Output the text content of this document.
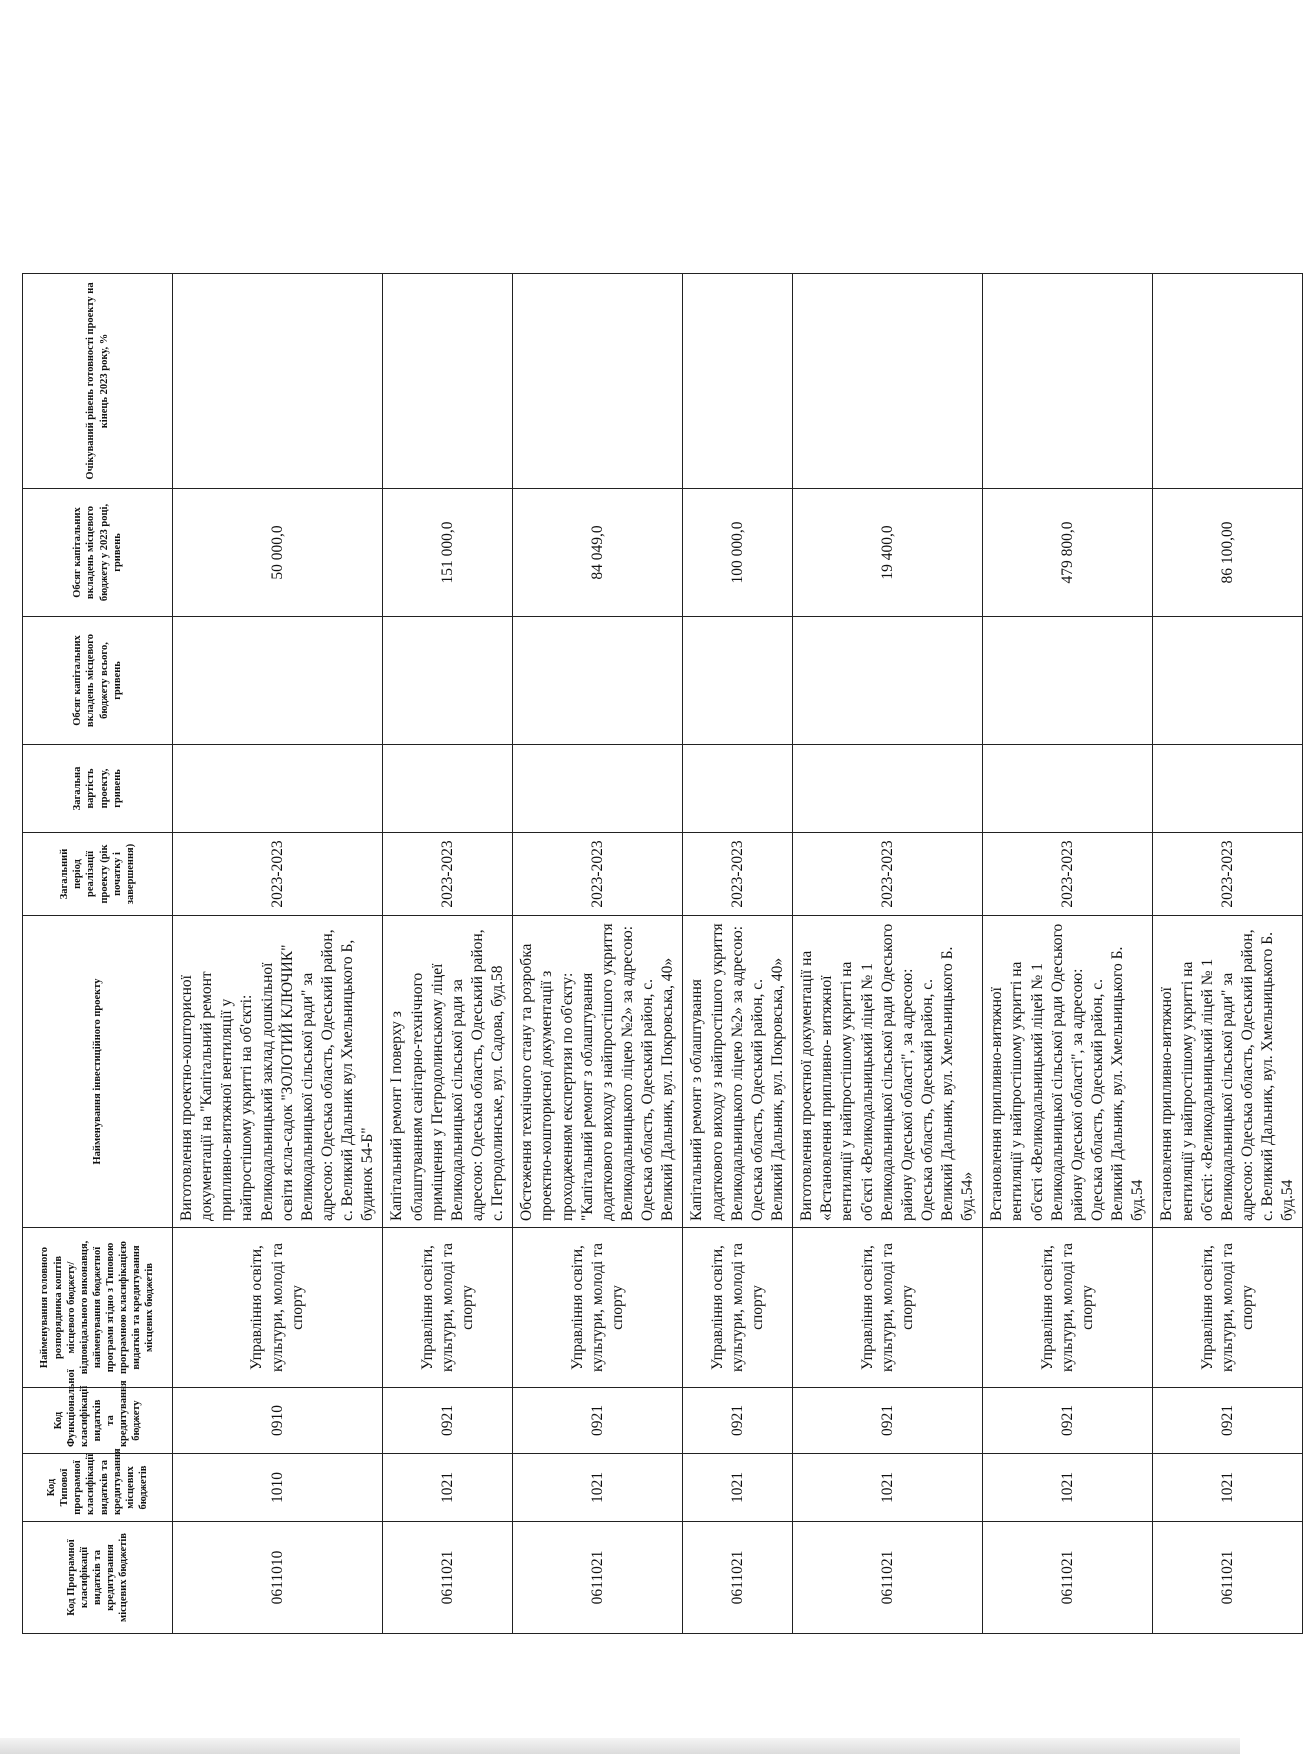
Код Програмної класифікації видатків та кредитування місцевих бюджетів	Код Типової програмної класифікації видатків та кредитування місцевих бюджетів	Код Функціональної класифікації видатків та кредитування бюджету	Найменування головного розпорядника коштів місцевого бюджету/відповідального виконавця, найменування бюджетної програми згідно з Типовою програмною класифікацією видатків та кредитування місцевих бюджетів	Найменування інвестиційного проекту	Загальний період реалізації проекту (рік початку і завершення)	Загальна вартість проекту, гривень	Обсяг капітальних вкладень місцевого бюджету всього, гривень	Обсяг капітальних вкладень місцевого бюджету у 2023 році, гривень	Очікуваний рівень готовності проекту на кінець 2023 року, %
0611010	1010	0910	Управління освіти, культури, молоді та спорту	Виготовлення проектно-кошторисної документації на "Капітальний ремонт припливно-витяжної вентиляції у найпростішому укритті на об'єкті: Великодальницький заклад дошкільної освіти ясла-садок "ЗОЛОТИЙ КЛЮЧИК" Великодальницької сільської ради" за адресою: Одеська область, Одеський район, с. Великий Дальник вул Хмельницького Б, будинок 54-Б"	2023-2023			50 000,0	
0611021	1021	0921	Управління освіти, культури, молоді та спорту	Капітальний ремонт I поверху з облаштуванням санітарно-технічного приміщення у Петродолинському ліцеї Великодальницької сільської ради за адресою: Одеська область, Одеський район, с. Петродолинське, вул. Садова, буд.58	2023-2023			151 000,0	
0611021	1021	0921	Управління освіти, культури, молоді та спорту	Обстеження технічного стану та розробка проектно-кошторисної документації з проходженням експертизи по об'єкту: "Капітальний ремонт з облаштування додаткового виходу з найпростішого укриття Великодальницького ліцею №2» за адресою: Одеська область, Одеський район, с. Великий Дальник, вул. Покровська, 40»	2023-2023			84 049,0	
0611021	1021	0921	Управління освіти, культури, молоді та спорту	Капітальний ремонт з облаштування додаткового виходу з найпростішого укриття Великодальницького ліцею №2» за адресою: Одеська область, Одеський район, с. Великий Дальник, вул. Покровська, 40»	2023-2023			100 000,0	
0611021	1021	0921	Управління освіти, культури, молоді та спорту	Виготовлення проектної документації на «Встановлення припливно- витяжної вентиляції у найпростішому укритті на об'єкті «Великодальницький ліцей № 1 Великодальницької сільської ради Одеського району Одеської області", за адресою: Одеська область, Одеський район, с. Великий Дальник, вул. Хмельницького Б. буд.54»	2023-2023			19 400,0	
0611021	1021	0921	Управління освіти, культури, молоді та спорту	Встановлення припливно-витяжної вентиляції у найпростішому укритті на об'єкті «Великодальницький ліцей № 1 Великодальницької сільської ради Одеського району Одеської області", за адресою: Одеська область, Одеський район, с. Великий Дальник, вул. Хмельницького Б. буд.54	2023-2023			479 800,0	
0611021	1021	0921	Управління освіти, культури, молоді та спорту	Встановлення припливно-витяжної вентиляції у найпростішому укритті на об'єкті: «Великодальницький ліцей № 1 Великодальницької сільської ради" за адресою: Одеська область, Одеський район, с. Великий Дальник, вул. Хмельницького Б. буд.54	2023-2023			86 100,00	
